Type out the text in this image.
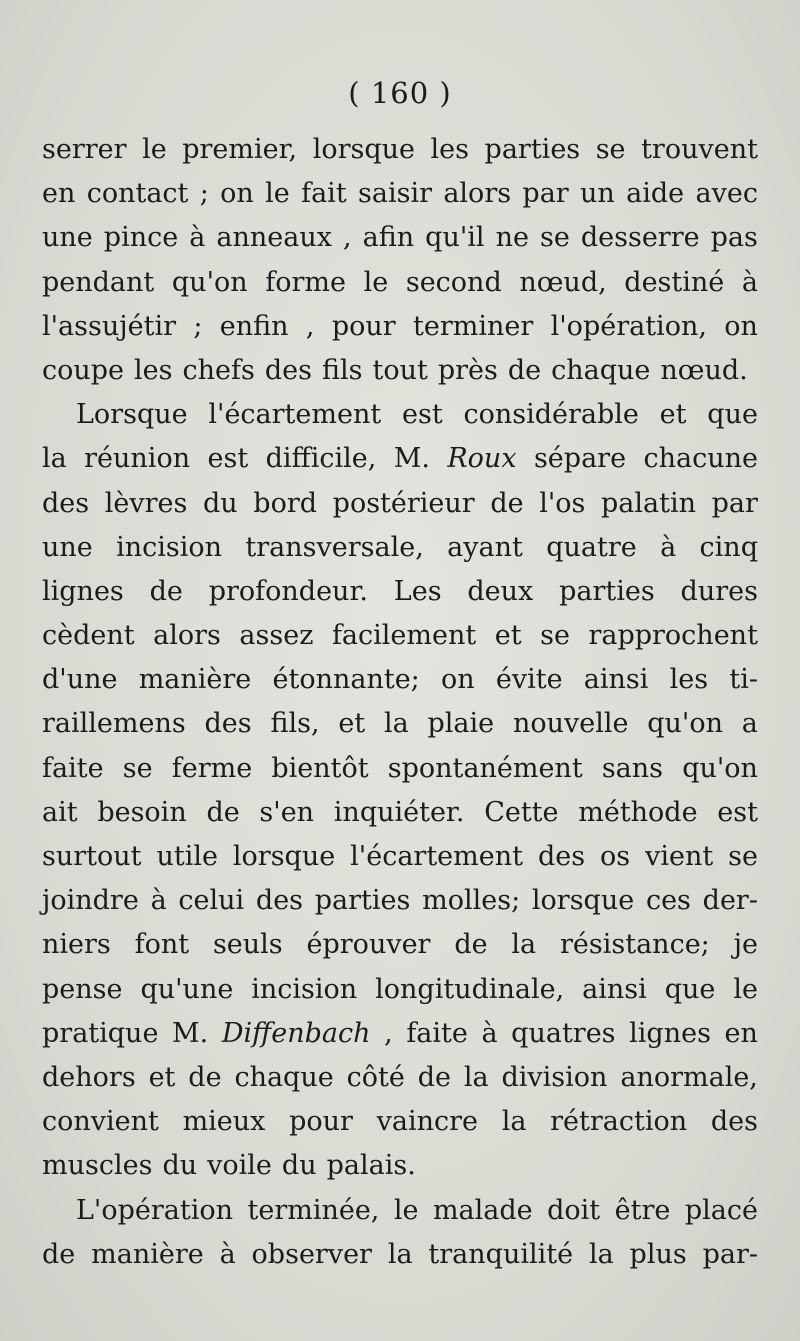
( 160 )
serrer le premier, lorsque les parties se trouvent
en contact ; on le fait saisir alors par un aide avec
une pince à anneaux , afin qu'il ne se desserre pas
pendant qu'on forme le second nœud, destiné à
l'assujétir ; enfin , pour terminer l'opération, on
coupe les chefs des fils tout près de chaque nœud.
Lorsque l'écartement est considérable et que
la réunion est difficile, M. Roux sépare chacune
des lèvres du bord postérieur de l'os palatin par
une incision transversale, ayant quatre à cinq
lignes de profondeur. Les deux parties dures
cèdent alors assez facilement et se rapprochent
d'une manière étonnante; on évite ainsi les ti-
raillemens des fils, et la plaie nouvelle qu'on a
faite se ferme bientôt spontanément sans qu'on
ait besoin de s'en inquiéter. Cette méthode est
surtout utile lorsque l'écartement des os vient se
joindre à celui des parties molles; lorsque ces der-
niers font seuls éprouver de la résistance; je
pense qu'une incision longitudinale, ainsi que le
pratique M. Diffenbach , faite à quatres lignes en
dehors et de chaque côté de la division anormale,
convient mieux pour vaincre la rétraction des
muscles du voile du palais.
L'opération terminée, le malade doit être placé
de manière à observer la tranquilité la plus par-
